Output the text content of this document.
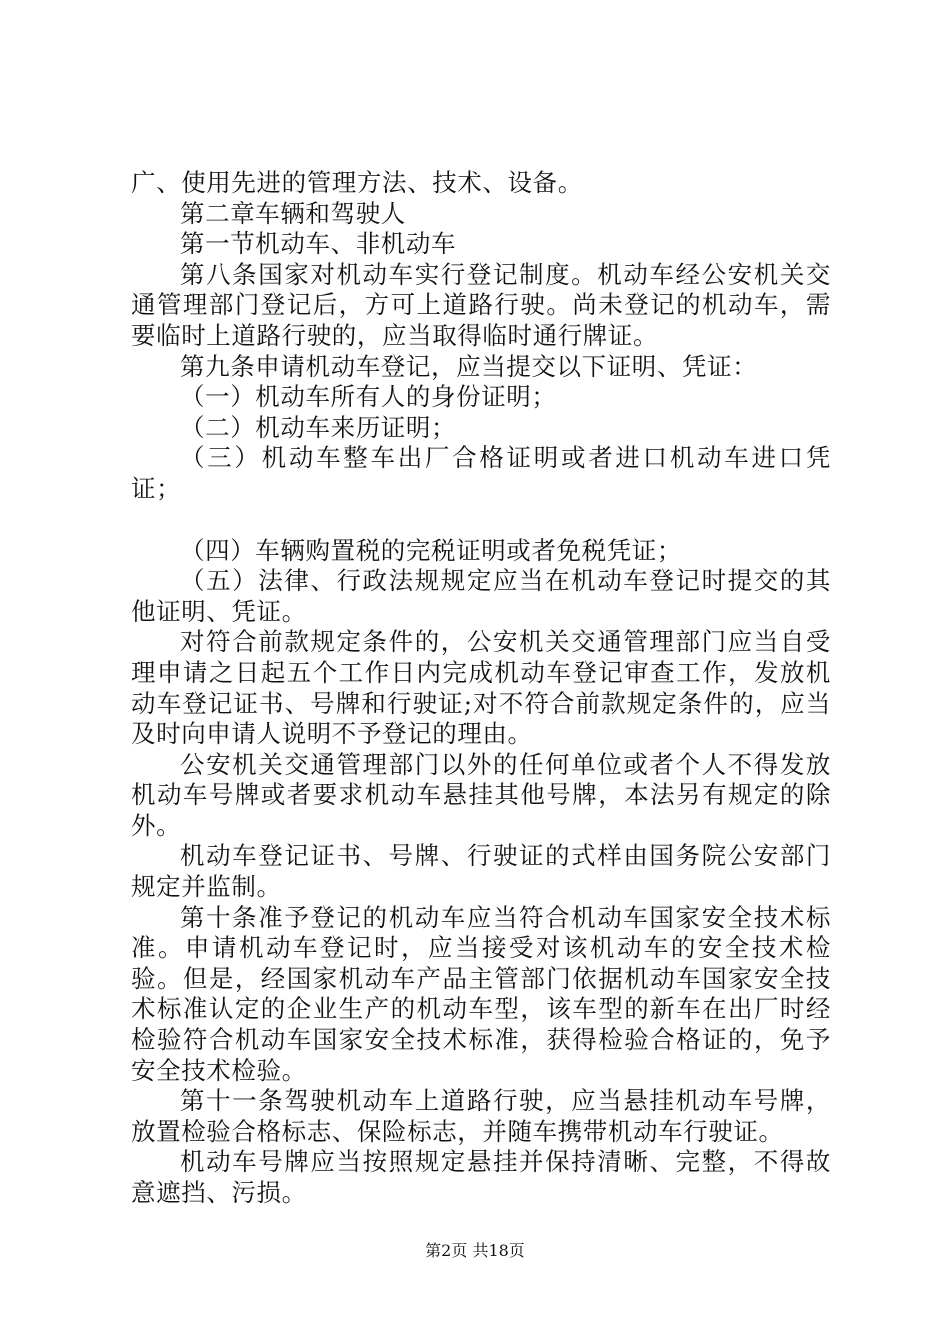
广、使用先进的管理方法、技术、设备。

第二章车辆和驾驶人

第一节机动车、非机动车

第八条国家对机动车实行登记制度。机动车经公安机关交通管理部门登记后，方可上道路行驶。尚未登记的机动车，需要临时上道路行驶的，应当取得临时通行牌证。

第九条申请机动车登记，应当提交以下证明、凭证：

（一）机动车所有人的身份证明；

（二）机动车来历证明；

（三）机动车整车出厂合格证明或者进口机动车进口凭证；

（四）车辆购置税的完税证明或者免税凭证；

（五）法律、行政法规规定应当在机动车登记时提交的其他证明、凭证。

对符合前款规定条件的，公安机关交通管理部门应当自受理申请之日起五个工作日内完成机动车登记审查工作，发放机动车登记证书、号牌和行驶证;对不符合前款规定条件的，应当及时向申请人说明不予登记的理由。

公安机关交通管理部门以外的任何单位或者个人不得发放机动车号牌或者要求机动车悬挂其他号牌，本法另有规定的除外。

机动车登记证书、号牌、行驶证的式样由国务院公安部门规定并监制。

第十条准予登记的机动车应当符合机动车国家安全技术标准。申请机动车登记时，应当接受对该机动车的安全技术检验。但是，经国家机动车产品主管部门依据机动车国家安全技术标准认定的企业生产的机动车型，该车型的新车在出厂时经检验符合机动车国家安全技术标准，获得检验合格证的，免予安全技术检验。

第十一条驾驶机动车上道路行驶，应当悬挂机动车号牌，放置检验合格标志、保险标志，并随车携带机动车行驶证。

机动车号牌应当按照规定悬挂并保持清晰、完整，不得故意遮挡、污损。

第2页 共18页
